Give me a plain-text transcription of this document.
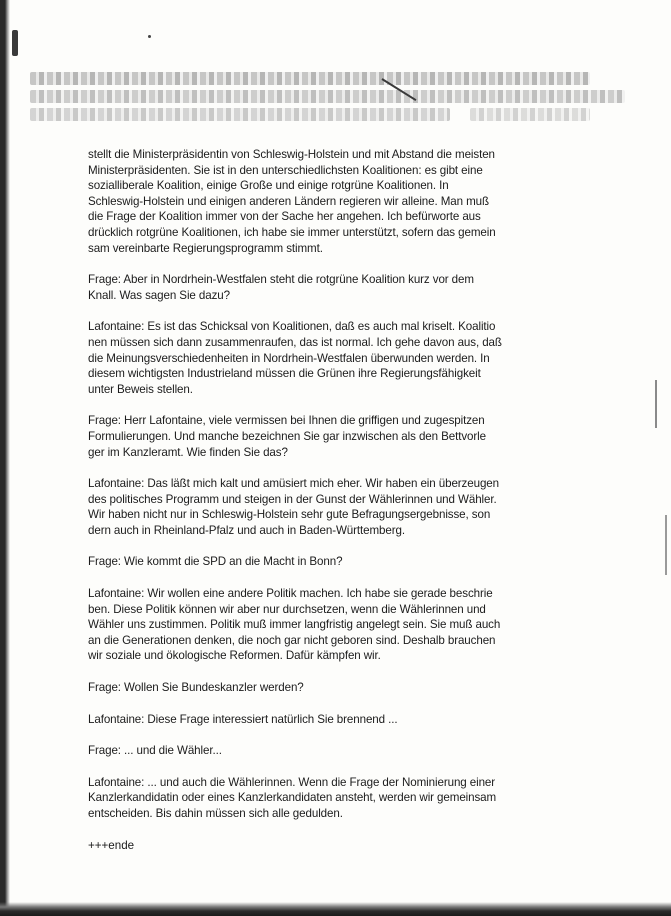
stellt die Ministerpräsidentin von Schleswig-Holstein und mit Abstand die meisten
Ministerpräsidenten. Sie ist in den unterschiedlichsten Koalitionen: es gibt eine
sozialliberale Koalition, einige Große und einige rotgrüne Koalitionen. In
Schleswig-Holstein und einigen anderen Ländern regieren wir alleine. Man muß
die Frage der Koalition immer von der Sache her angehen. Ich befürworte aus
drücklich rotgrüne Koalitionen, ich habe sie immer unterstützt, sofern das gemein
sam vereinbarte Regierungsprogramm stimmt.

Frage: Aber in Nordrhein-Westfalen steht die rotgrüne Koalition kurz vor dem
Knall. Was sagen Sie dazu?

Lafontaine: Es ist das Schicksal von Koalitionen, daß es auch mal kriselt. Koalitio
nen müssen sich dann zusammenraufen, das ist normal. Ich gehe davon aus, daß
die Meinungsverschiedenheiten in Nordrhein-Westfalen überwunden werden. In
diesem wichtigsten Industrieland müssen die Grünen ihre Regierungsfähigkeit
unter Beweis stellen.

Frage: Herr Lafontaine, viele vermissen bei Ihnen die griffigen und zugespitzen
Formulierungen. Und manche bezeichnen Sie gar inzwischen als den Bettvorle
ger im Kanzleramt. Wie finden Sie das?

Lafontaine: Das läßt mich kalt und amüsiert mich eher. Wir haben ein überzeugen
des politisches Programm und steigen in der Gunst der Wählerinnen und Wähler.
Wir haben nicht nur in Schleswig-Holstein sehr gute Befragungsergebnisse, son
dern auch in Rheinland-Pfalz und auch in Baden-Württemberg.

Frage: Wie kommt die SPD an die Macht in Bonn?

Lafontaine: Wir wollen eine andere Politik machen. Ich habe sie gerade beschrie
ben. Diese Politik können wir aber nur durchsetzen, wenn die Wählerinnen und
Wähler uns zustimmen. Politik muß immer langfristig angelegt sein. Sie muß auch
an die Generationen denken, die noch gar nicht geboren sind. Deshalb brauchen
wir soziale und ökologische Reformen. Dafür kämpfen wir.

Frage: Wollen Sie Bundeskanzler werden?

Lafontaine: Diese Frage interessiert natürlich Sie brennend ...

Frage: ... und die Wähler...

Lafontaine: ... und auch die Wählerinnen. Wenn die Frage der Nominierung einer
Kanzlerkandidatin oder eines Kanzlerkandidaten ansteht, werden wir gemeinsam
entscheiden. Bis dahin müssen sich alle gedulden.

+++ende
